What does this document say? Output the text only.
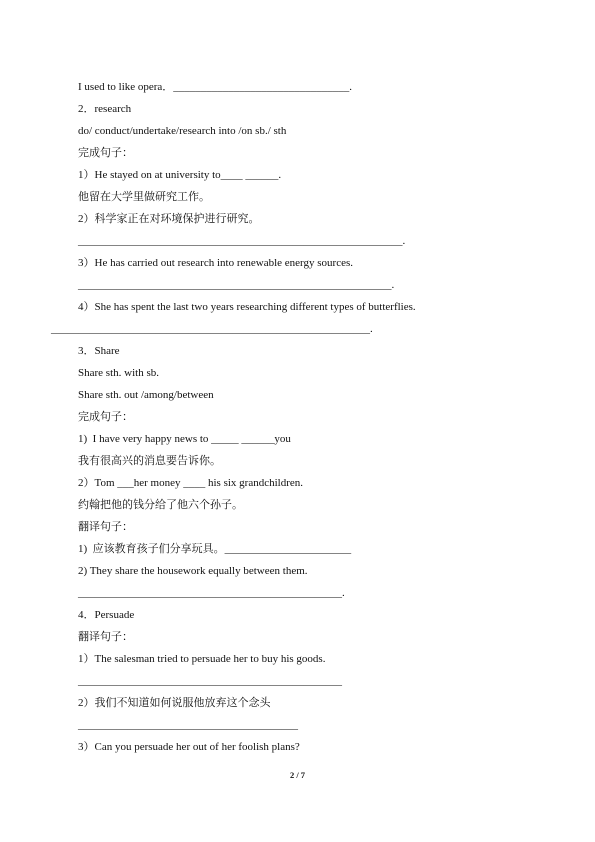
I used to like opera．________________________________.
2．research
do/ conduct/undertake/research into /on sb./ sth
完成句子：
1）He stayed on at university to____ ______.
他留在大学里做研究工作。
2）科学家正在对环境保护进行研究。
___________________________________________________________.
3）He has carried out research into renewable energy sources.
_________________________________________________________.
4）She has spent the last two years researching different types of butterflies.
__________________________________________________________.
3．Share
Share sth. with sb.
Share sth. out /among/between
完成句子：
1)  I have very happy news to _____ ______you
我有很高兴的消息要告诉你。
2）Tom ___her money ____ his six grandchildren.
约翰把他的钱分给了他六个孙子。
翻译句子：
1)  应该教育孩子们分享玩具。_______________________
2) They share the housework equally between them.
________________________________________________.
4．Persuade
翻译句子：
1）The salesman tried to persuade her to buy his goods.
________________________________________________
2）我们不知道如何说服他放弃这个念头
________________________________________
3）Can you persuade her out of her foolish plans?
2 / 7
